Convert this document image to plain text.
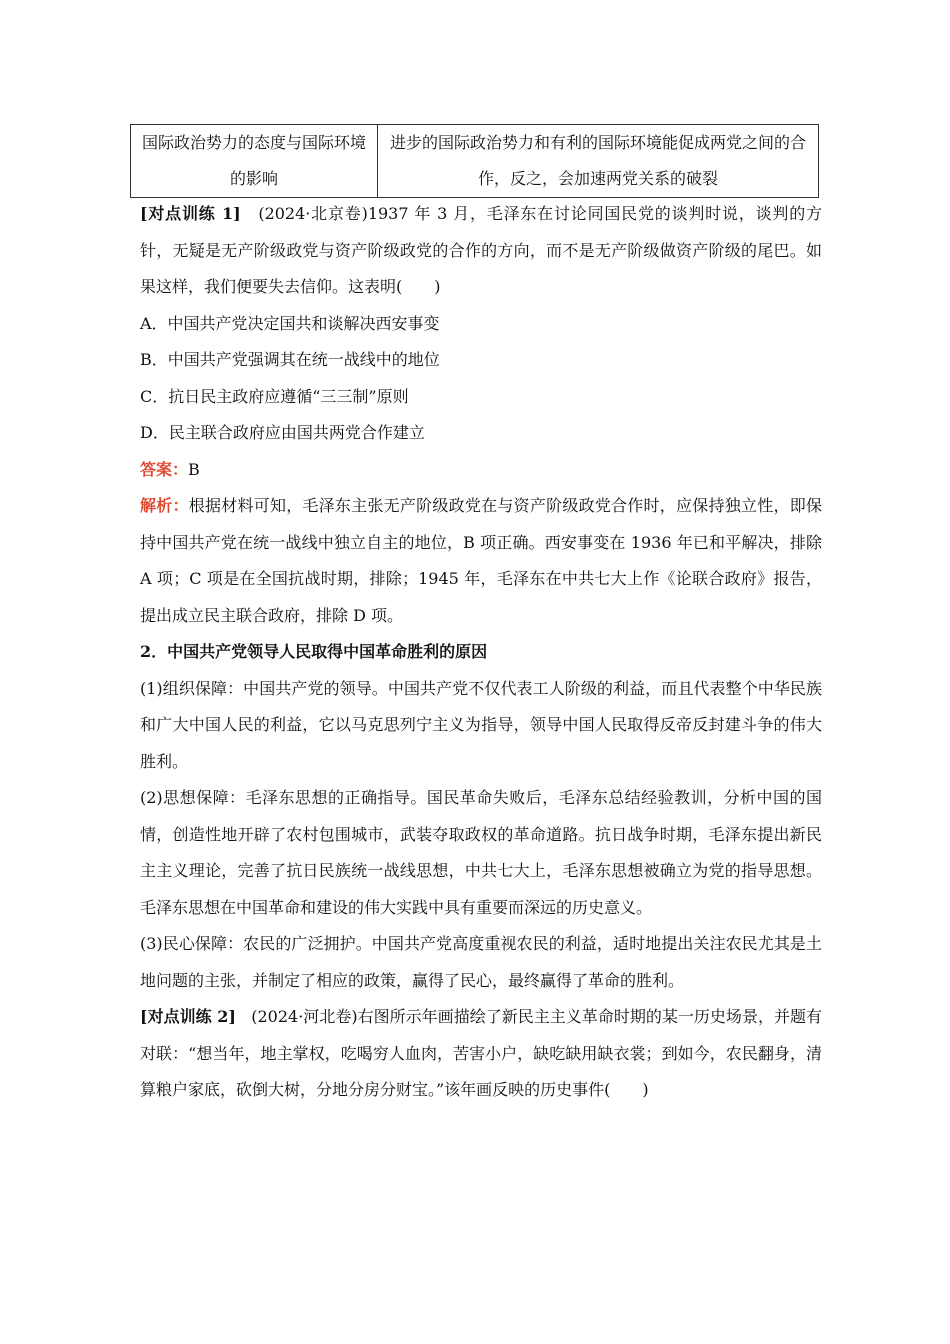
国际政治势力的态度与国际环境的影响	进步的国际政治势力和有利的国际环境能促成两党之间的合作，反之，会加速两党关系的破裂

[对点训练 1] (2024·北京卷)1937 年 3 月，毛泽东在讨论同国民党的谈判时说，谈判的方针，无疑是无产阶级政党与资产阶级政党的合作的方向，而不是无产阶级做资产阶级的尾巴。如果这样，我们便要失去信仰。这表明(　　)

A．中国共产党决定国共和谈解决西安事变

B．中国共产党强调其在统一战线中的地位

C．抗日民主政府应遵循“三三制”原则

D．民主联合政府应由国共两党合作建立

答案：B

解析：根据材料可知，毛泽东主张无产阶级政党在与资产阶级政党合作时，应保持独立性，即保持中国共产党在统一战线中独立自主的地位，B 项正确。西安事变在 1936 年已和平解决，排除 A 项；C 项是在全国抗战时期，排除；1945 年，毛泽东在中共七大上作《论联合政府》报告，提出成立民主联合政府，排除 D 项。

2．中国共产党领导人民取得中国革命胜利的原因

(1)组织保障：中国共产党的领导。中国共产党不仅代表工人阶级的利益，而且代表整个中华民族和广大中国人民的利益，它以马克思列宁主义为指导，领导中国人民取得反帝反封建斗争的伟大胜利。

(2)思想保障：毛泽东思想的正确指导。国民革命失败后，毛泽东总结经验教训，分析中国的国情，创造性地开辟了农村包围城市，武装夺取政权的革命道路。抗日战争时期，毛泽东提出新民主主义理论，完善了抗日民族统一战线思想，中共七大上，毛泽东思想被确立为党的指导思想。毛泽东思想在中国革命和建设的伟大实践中具有重要而深远的历史意义。

(3)民心保障：农民的广泛拥护。中国共产党高度重视农民的利益，适时地提出关注农民尤其是土地问题的主张，并制定了相应的政策，赢得了民心，最终赢得了革命的胜利。

[对点训练 2] (2024·河北卷)右图所示年画描绘了新民主主义革命时期的某一历史场景，并题有对联：“想当年，地主掌权，吃喝穷人血肉，苦害小户，缺吃缺用缺衣裳；到如今，农民翻身，清算粮户家底，砍倒大树，分地分房分财宝。”该年画反映的历史事件(　　)
